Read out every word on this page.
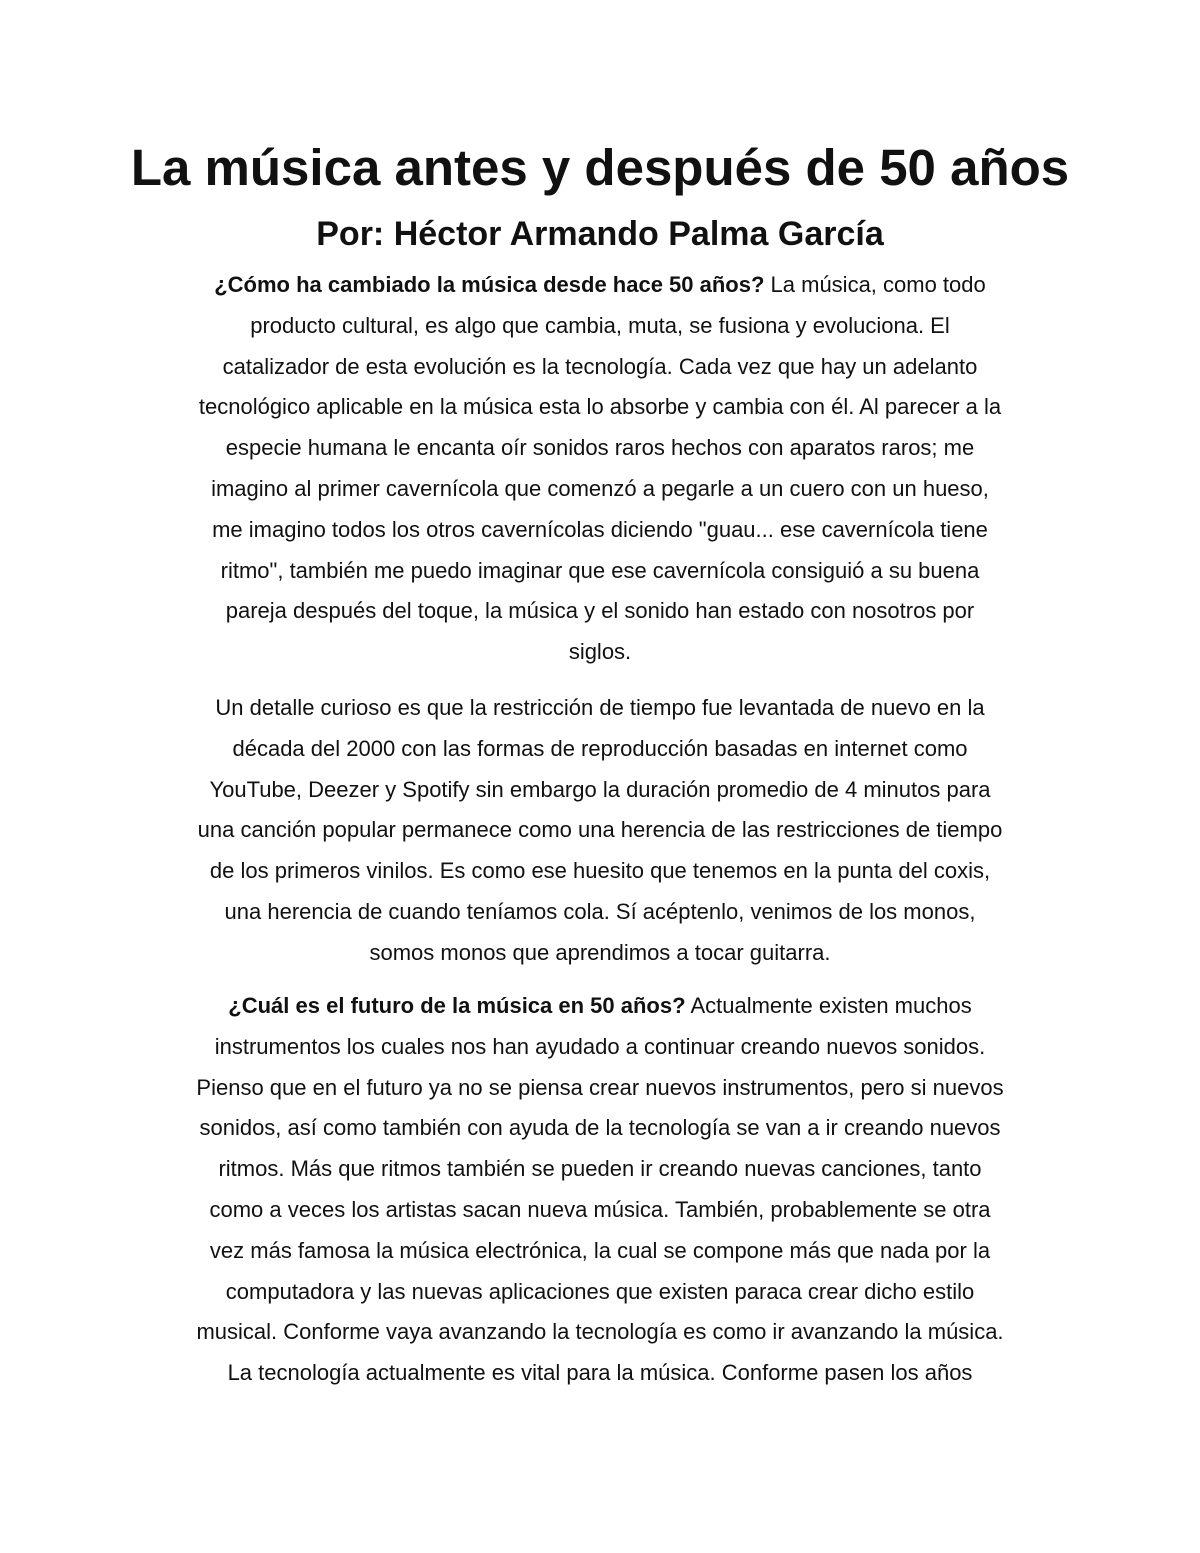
La música antes y después de 50 años
Por: Héctor Armando Palma García
¿Cómo ha cambiado la música desde hace 50 años? La música, como todo
producto cultural, es algo que cambia, muta, se fusiona y evoluciona. El
catalizador de esta evolución es la tecnología. Cada vez que hay un adelanto
tecnológico aplicable en la música esta lo absorbe y cambia con él. Al parecer a la
especie humana le encanta oír sonidos raros hechos con aparatos raros; me
imagino al primer cavernícola que comenzó a pegarle a un cuero con un hueso,
me imagino todos los otros cavernícolas diciendo "guau... ese cavernícola tiene
ritmo", también me puedo imaginar que ese cavernícola consiguió a su buena
pareja después del toque, la música y el sonido han estado con nosotros por
siglos.
Un detalle curioso es que la restricción de tiempo fue levantada de nuevo en la
década del 2000 con las formas de reproducción basadas en internet como
YouTube, Deezer y Spotify sin embargo la duración promedio de 4 minutos para
una canción popular permanece como una herencia de las restricciones de tiempo
de los primeros vinilos. Es como ese huesito que tenemos en la punta del coxis,
una herencia de cuando teníamos cola. Sí acéptenlo, venimos de los monos,
somos monos que aprendimos a tocar guitarra.
¿Cuál es el futuro de la música en 50 años? Actualmente existen muchos
instrumentos los cuales nos han ayudado a continuar creando nuevos sonidos.
Pienso que en el futuro ya no se piensa crear nuevos instrumentos, pero si nuevos
sonidos, así como también con ayuda de la tecnología se van a ir creando nuevos
ritmos. Más que ritmos también se pueden ir creando nuevas canciones, tanto
como a veces los artistas sacan nueva música. También, probablemente se otra
vez más famosa la música electrónica, la cual se compone más que nada por la
computadora y las nuevas aplicaciones que existen paraca crear dicho estilo
musical. Conforme vaya avanzando la tecnología es como ir avanzando la música.
La tecnología actualmente es vital para la música. Conforme pasen los años
